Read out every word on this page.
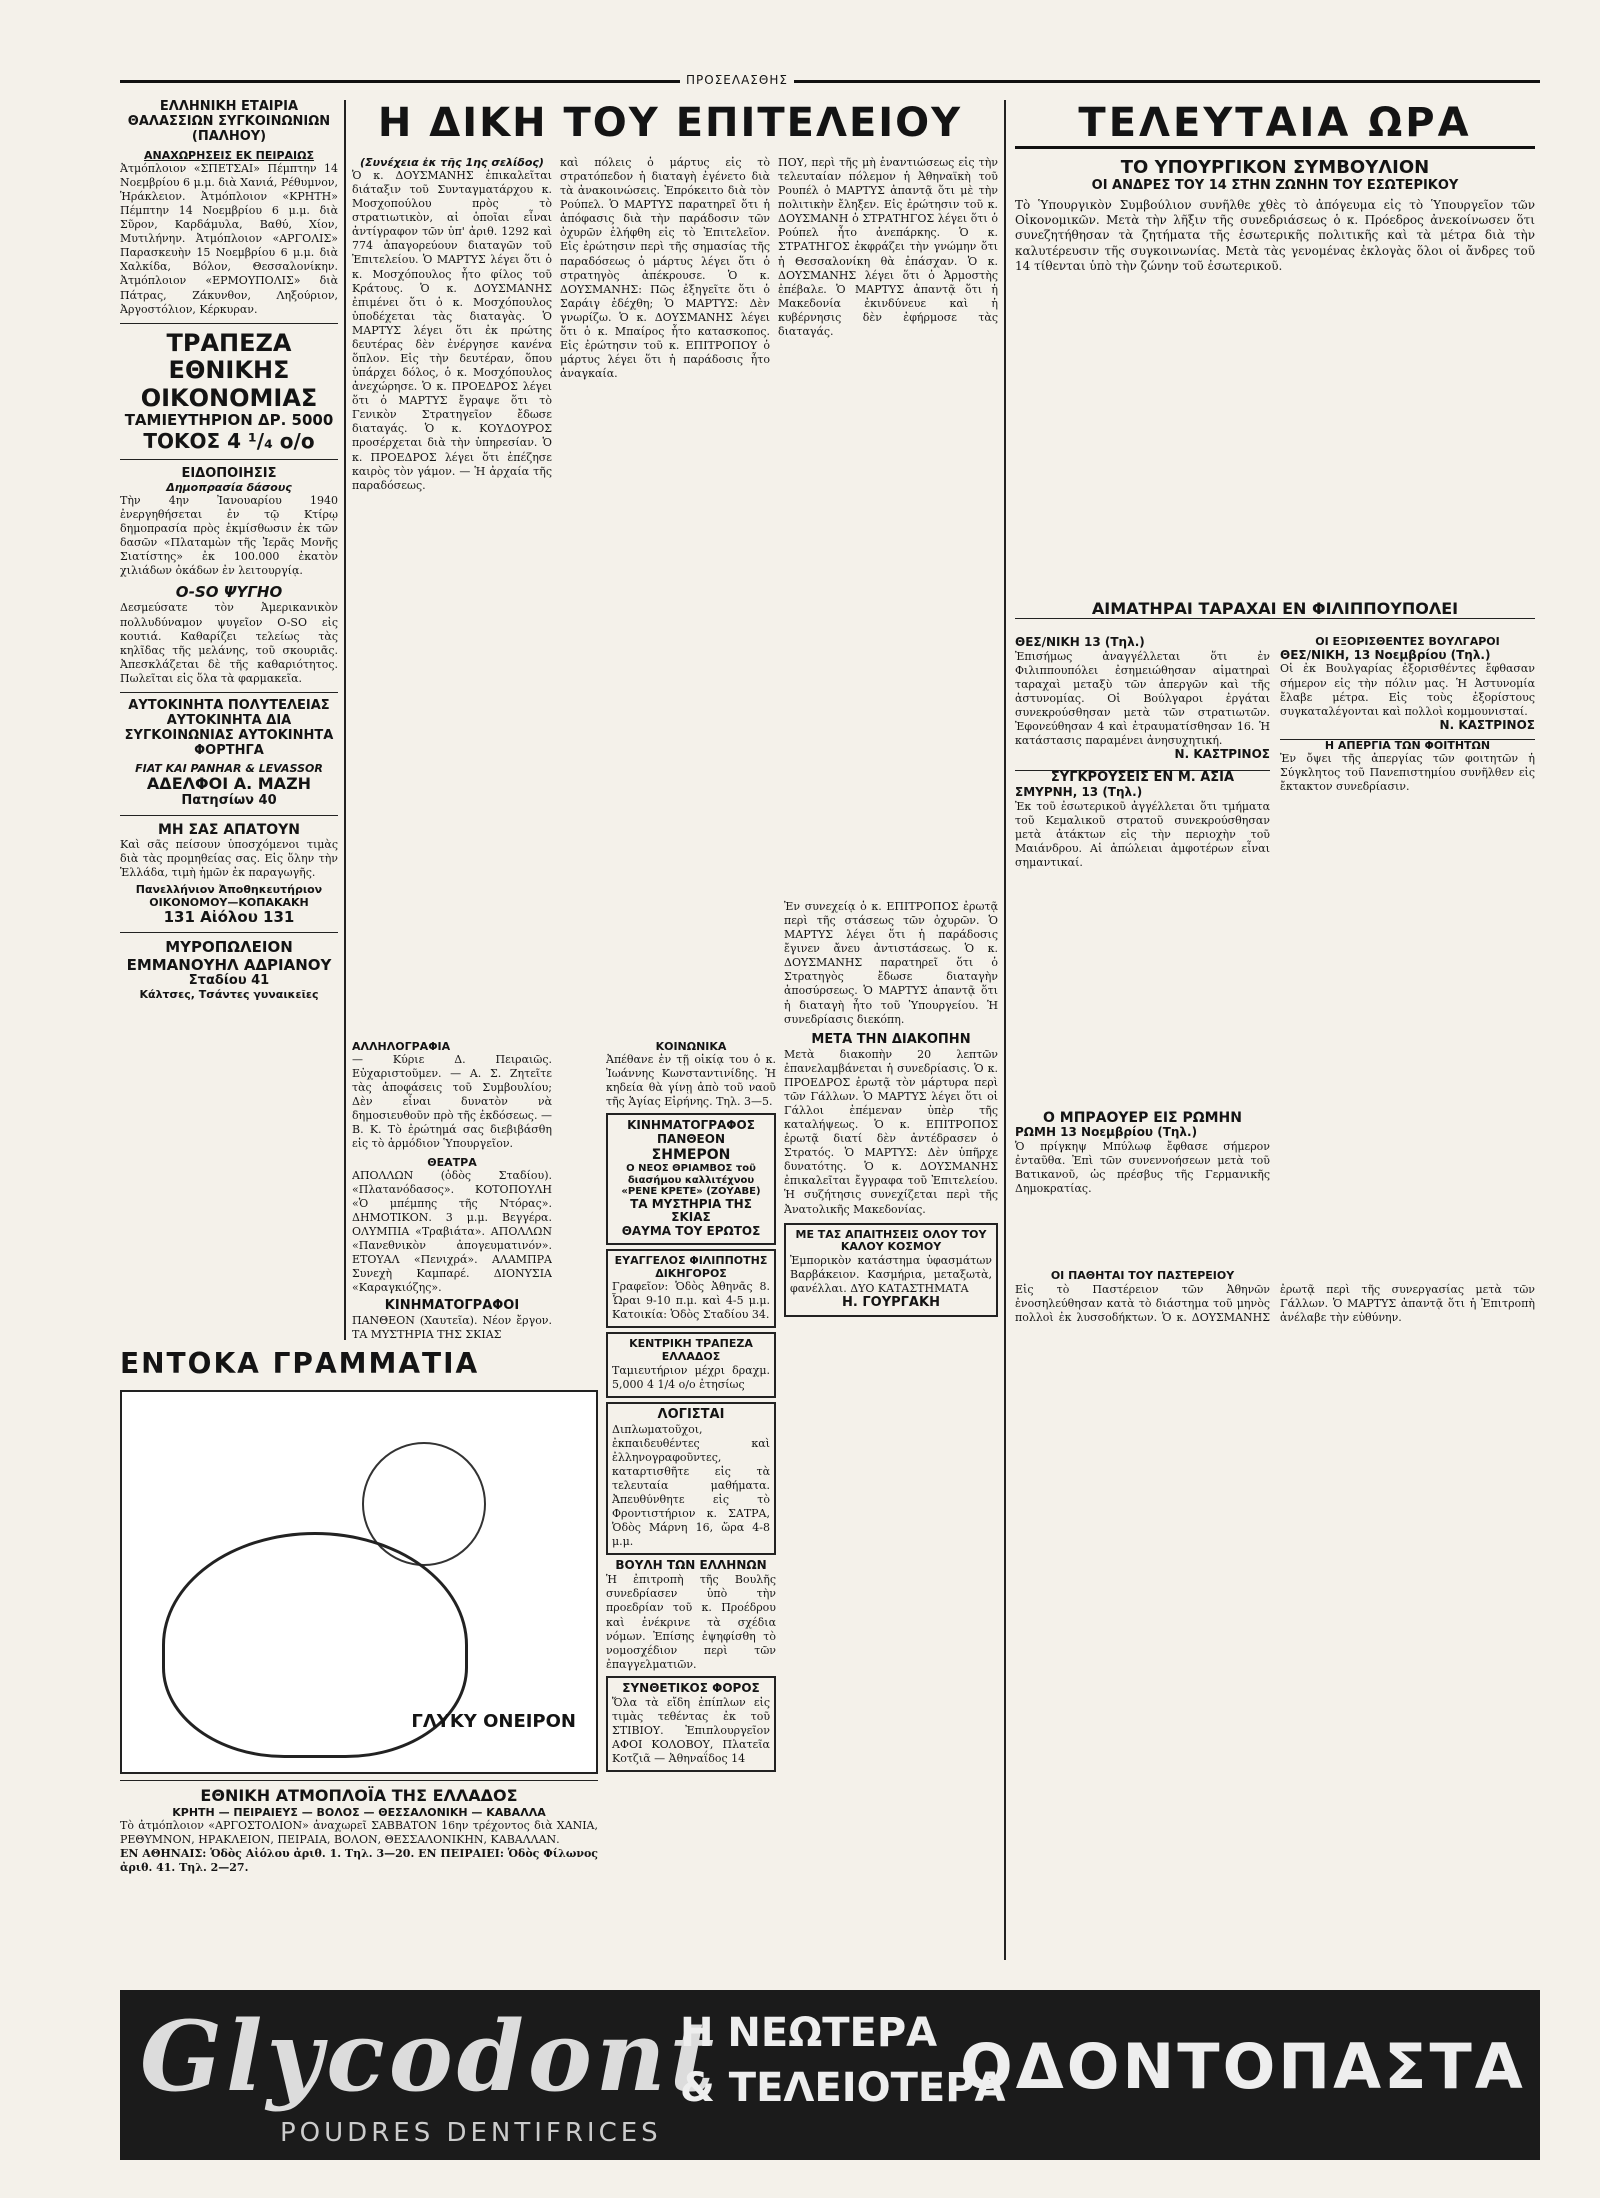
ΠΡΟΣΕΛΑΣΘΗΣ
ΕΛΛΗΝΙΚΗ ΕΤΑΙΡΙΑ ΘΑΛΑΣΣΙΩΝ ΣΥΓΚΟΙΝΩΝΙΩΝ (ΠΑΛΗΟΥ)
ΑΝΑΧΩΡΗΣΕΙΣ ΕΚ ΠΕΙΡΑΙΩΣ
Ἀτμόπλοιον «ΣΠΕΤΣΑΙ» Πέμπτην 14 Νοεμβρίου 6 μ.μ. διὰ Χανιά, Ρέθυμνον, Ἡράκλειον. Ἀτμόπλοιον «ΚΡΗΤΗ» Πέμπτην 14 Νοεμβρίου 6 μ.μ. διὰ Σῦρον, Καρδάμυλα, Βαθύ, Χίον, Μυτιλήνην. Ἀτμόπλοιον «ΑΡΓΟΛΙΣ» Παρασκευὴν 15 Νοεμβρίου 6 μ.μ. διὰ Χαλκίδα, Βόλον, Θεσσαλονίκην. Ἀτμόπλοιον «ΕΡΜΟΥΠΟΛΙΣ» διὰ Πάτρας, Ζάκυνθον, Ληξούριον, Ἀργοστόλιον, Κέρκυραν.
ΤΡΑΠΕΖΑ ΕΘΝΙΚΗΣ ΟΙΚΟΝΟΜΙΑΣ
ΤΑΜΙΕΥΤΗΡΙΟΝ ΔΡ. 5000
ΤΟΚΟΣ 4 ¹/₄ ο/ο
ΕΙΔΟΠΟΙΗΣΙΣ
Δημοπρασία δάσους
Τὴν 4ην Ἰανουαρίου 1940 ἐνεργηθήσεται ἐν τῷ Κτίρῳ δημοπρασία πρὸς ἐκμίσθωσιν ἐκ τῶν δασῶν «Πλαταμὼν τῆς Ἱερᾶς Μονῆς Σιατίστης» ἐκ 100.000 ἐκατὸν χιλιάδων ὀκάδων ἐν λειτουργίᾳ.
O-SO ΨΥΓΗΟ
Δεσμεύσατε τὸν Ἀμερικανικὸν πολλυδύναμον ψυγεῖον O-SO εἰς κουτιά. Καθαρίζει τελείως τὰς κηλῖδας τῆς μελάνης, τοῦ σκουριᾶς. Ἀπεσκλάζεται δὲ τῆς καθαριότητος. Πωλεῖται εἰς ὅλα τὰ φαρμακεῖα.
ΑΥΤΟΚΙΝΗΤΑ ΠΟΛΥΤΕΛΕΙΑΣ ΑΥΤΟΚΙΝΗΤΑ ΔΙΑ ΣΥΓΚΟΙΝΩΝΙΑΣ ΑΥΤΟΚΙΝΗΤΑ ΦΟΡΤΗΓΑ
FIAT KAI PANHAR & LEVASSOR
ΑΔΕΛΦΟΙ Α. ΜΑΖΗ
Πατησίων 40
ΜΗ ΣΑΣ ΑΠΑΤΟΥΝ
Καὶ σᾶς πείσουν ὑποσχόμενοι τιμὰς διὰ τὰς προμηθείας σας. Εἰς ὅλην τὴν Ἑλλάδα, τιμὴ ἡμῶν ἐκ παραγωγῆς.
Πανελλήνιον Ἀποθηκευτήριον ΟΙΚΟΝΟΜΟΥ—ΚΟΠΑΚΑΚΗ
131 Αἰόλου 131
ΜΥΡΟΠΩΛΕΙΟΝ ΕΜΜΑΝΟΥΗΛ ΑΔΡΙΑΝΟΥ
Σταδίου 41
Κάλτσες, Τσάντες γυναικεῖες
ΕΝΤΟΚΑ ΓΡΑΜΜΑΤΙΑ
ΓΛΥΚΥ ΟΝΕΙΡΟΝ
ΕΘΝΙΚΗ ΑΤΜΟΠΛΟΪΑ ΤΗΣ ΕΛΛΑΔΟΣ
ΚΡΗΤΗ — ΠΕΙΡΑΙΕΥΣ — ΒΟΛΟΣ — ΘΕΣΣΑΛΟΝΙΚΗ — ΚΑΒΑΛΛΑ
Τὸ ἀτμόπλοιον «ΑΡΓΟΣΤΟΛΙΟΝ» ἀναχωρεῖ ΣΑΒΒΑΤΟΝ 16ην τρέχοντος διὰ ΧΑΝΙΑ, ΡΕΘΥΜΝΟΝ, ΗΡΑΚΛΕΙΟΝ, ΠΕΙΡΑΙΑ, ΒΟΛΟΝ, ΘΕΣΣΑΛΟΝΙΚΗΝ, ΚΑΒΑΛΛΑΝ.
ΕΝ ΑΘΗΝΑΙΣ: Ὁδὸς Αἰόλου ἀριθ. 1. Τηλ. 3—20. ΕΝ ΠΕΙΡΑΙΕΙ: Ὁδὸς Φίλωνος ἀριθ. 41. Τηλ. 2—27.
Η ΔΙΚΗ ΤΟΥ ΕΠΙΤΕΛΕΙΟΥ
(Συνέχεια ἐκ τῆς 1ης σελίδος)
Ὁ κ. ΔΟΥΣΜΑΝΗΣ ἐπικαλεῖται διάταξιν τοῦ Συνταγματάρχου κ. Μοσχοπούλου πρὸς τὸ στρατιωτικὸν, αἱ ὁποῖαι εἶναι ἀντίγραφον τῶν ὑπ' ἀριθ. 1292 καὶ 774 ἀπαγορεύουν διαταγῶν τοῦ Ἐπιτελείου. Ὁ ΜΑΡΤΥΣ λέγει ὅτι ὁ κ. Μοσχόπουλος ἦτο φίλος τοῦ Κράτους. Ὁ κ. ΔΟΥΣΜΑΝΗΣ ἐπιμένει ὅτι ὁ κ. Μοσχόπουλος ὑποδέχεται τὰς διαταγὰς. Ὁ ΜΑΡΤΥΣ λέγει ὅτι ἐκ πρώτης δευτέρας δὲν ἐνέργησε κανένα ὅπλον. Εἰς τὴν δευτέραν, ὅπου ὑπάρχει δόλος, ὁ κ. Μοσχόπουλος ἀνεχώρησε. Ὁ κ. ΠΡΟΕΔΡΟΣ λέγει ὅτι ὁ ΜΑΡΤΥΣ ἔγραψε ὅτι τὸ Γενικὸν Στρατηγεῖον ἔδωσε διαταγάς. Ὁ κ. ΚΟΥΔΟΥΡΟΣ προσέρχεται διὰ τὴν ὑπηρεσίαν. Ὁ κ. ΠΡΟΕΔΡΟΣ λέγει ὅτι ἐπέζησε καιρὸς τὸν γάμον. — Ἡ ἀρχαία τῆς παραδόσεως.
καὶ πόλεις ὁ μάρτυς εἰς τὸ στρατόπεδον ἡ διαταγὴ ἐγένετο διὰ τὰ ἀνακοινώσεις. Ἐπρόκειτο διὰ τὸν Ρούπελ. Ὁ ΜΑΡΤΥΣ παρατηρεῖ ὅτι ἡ ἀπόφασις διὰ τὴν παράδοσιν τῶν ὀχυρῶν ἐλήφθη εἰς τὸ Ἐπιτελεῖον. Εἰς ἐρώτησιν περὶ τῆς σημασίας τῆς παραδόσεως ὁ μάρτυς λέγει ὅτι ὁ στρατηγὸς ἀπέκρουσε. Ὁ κ. ΔΟΥΣΜΑΝΗΣ: Πῶς ἐξηγεῖτε ὅτι ὁ Σαράιγ ἐδέχθη; Ὁ ΜΑΡΤΥΣ: Δὲν γνωρίζω. Ὁ κ. ΔΟΥΣΜΑΝΗΣ λέγει ὅτι ὁ κ. Μπαίρος ἦτο κατασκοπος. Εἰς ἐρώτησιν τοῦ κ. ΕΠΙΤΡΟΠΟΥ ὁ μάρτυς λέγει ὅτι ἡ παράδοσις ἦτο ἀναγκαία.
ΠΟΥ, περὶ τῆς μὴ ἐναντιώσεως εἰς τὴν τελευταίαν πόλεμον ἡ Ἀθηναϊκὴ τοῦ Ρουπέλ ὁ ΜΑΡΤΥΣ ἀπαντᾷ ὅτι μὲ τὴν πολιτικὴν ἔληξεν. Εἰς ἐρώτησιν τοῦ κ. ΔΟΥΣΜΑΝΗ ὁ ΣΤΡΑΤΗΓΟΣ λέγει ὅτι ὁ Ρούπελ ἦτο ἀνεπάρκης. Ὁ κ. ΣΤΡΑΤΗΓΟΣ ἐκφράζει τὴν γνώμην ὅτι ἡ Θεσσαλονίκη θὰ ἐπάσχαν. Ὁ κ. ΔΟΥΣΜΑΝΗΣ λέγει ὅτι ὁ Ἀρμοστὴς ἐπέβαλε. Ὁ ΜΑΡΤΥΣ ἀπαντᾷ ὅτι ἡ Μακεδονία ἐκινδύνευε καὶ ἡ κυβέρνησις δὲν ἐφήρμοσε τὰς διαταγάς.
ΑΛΛΗΛΟΓΡΑΦΙΑ
— Κύριε Δ. Πειραιῶς. Εὐχαριστοῦμεν. — Α. Σ. Ζητεῖτε τὰς ἀποφάσεις τοῦ Συμβουλίου; Δὲν εἶναι δυνατὸν νὰ δημοσιευθοῦν πρὸ τῆς ἐκδόσεως. — Β. Κ. Τὸ ἐρώτημά σας διεβιβάσθη εἰς τὸ ἁρμόδιον Ὑπουργεῖον.
ΘΕΑΤΡΑ
ΑΠΟΛΛΩΝ (ὁδὸς Σταδίου). «Πλατανόδασος». ΚΟΤΟΠΟΥΛΗ «Ὁ μπέμπης τῆς Ντόρας». ΔΗΜΟΤΙΚΟΝ. 3 μ.μ. Βεγγέρα. ΟΛΥΜΠΙΑ «Τραβιάτα». ΑΠΟΛΛΩΝ «Πανεθνικὸν ἀπογευματινόν». ΕΤΟΥΑΛ «Πενιχρά». ΑΛΑΜΠΡΑ Συνεχὴ Καμπαρέ. ΔΙΟΝΥΣΙΑ «Καραγκιόζης».
ΚΙΝΗΜΑΤΟΓΡΑΦΟΙ
ΠΑΝΘΕΟΝ (Χαυτεῖα). Νέον ἔργον. ΤΑ ΜΥΣΤΗΡΙΑ ΤΗΣ ΣΚΙΑΣ
ΚΟΙΝΩΝΙΚΑ
Ἀπέθανε ἐν τῇ οἰκίᾳ του ὁ κ. Ἰωάννης Κωνσταντινίδης. Ἡ κηδεία θὰ γίνῃ ἀπὸ τοῦ ναοῦ τῆς Ἁγίας Εἰρήνης. Τηλ. 3—5.
ΚΙΝΗΜΑΤΟΓΡΑΦΟΣ ΠΑΝΘΕΟΝ
ΣΗΜΕΡΟΝ
Ο ΝΕΟΣ ΘΡΙΑΜΒΟΣ τοῦ διασήμου καλλιτέχνου «ΡΕΝΕ ΚΡΕΤΕ» (ΖΟΥΑΒΕ)
ΤΑ ΜΥΣΤΗΡΙΑ ΤΗΣ ΣΚΙΑΣ
ΘΑΥΜΑ ΤΟΥ ΕΡΩΤΟΣ
ΕΥΑΓΓΕΛΟΣ ΦΙΛΙΠΠΟΤΗΣ ΔΙΚΗΓΟΡΟΣ
Γραφεῖον: Ὁδὸς Ἀθηνᾶς 8. Ὧραι 9-10 π.μ. καὶ 4-5 μ.μ. Κατοικία: Ὁδὸς Σταδίου 34.
ΚΕΝΤΡΙΚΗ ΤΡΑΠΕΖΑ ΕΛΛΑΔΟΣ
Ταμιευτήριον μέχρι δραχμ. 5,000 4 1/4 ο/ο ἐτησίως
ΛΟΓΙΣΤΑΙ
Διπλωματοῦχοι, ἐκπαιδευθέντες καὶ ἐλληνογραφοῦντες, καταρτισθῆτε εἰς τὰ τελευταία μαθήματα. Ἀπευθύνθητε εἰς τὸ Φροντιστήριον κ. ΣΑΤΡΑ, Ὁδὸς Μάρνη 16, ὥρα 4-8 μ.μ.
ΒΟΥΛΗ ΤΩΝ ΕΛΛΗΝΩΝ
Ἡ ἐπιτροπὴ τῆς Βουλῆς συνεδρίασεν ὑπὸ τὴν προεδρίαν τοῦ κ. Προέδρου καὶ ἐνέκρινε τὰ σχέδια νόμων. Ἐπίσης ἐψηφίσθη τὸ νομοσχέδιον περὶ τῶν ἐπαγγελματιῶν.
ΣΥΝΘΕΤΙΚΟΣ ΦΟΡΟΣ
Ὅλα τὰ εἴδη ἐπίπλων εἰς τιμὰς τεθέντας ἐκ τοῦ ΣΤΙΒΙΟΥ. Ἐπιπλουργεῖον ΑΦΟΙ ΚΟΛΟΒΟΥ, Πλατεῖα Κοτζιᾶ — Ἀθηναΐδος 14
Ἐν συνεχείᾳ ὁ κ. ΕΠΙΤΡΟΠΟΣ ἐρωτᾷ περὶ τῆς στάσεως τῶν ὀχυρῶν. Ὁ ΜΑΡΤΥΣ λέγει ὅτι ἡ παράδοσις ἔγινεν ἄνευ ἀντιστάσεως. Ὁ κ. ΔΟΥΣΜΑΝΗΣ παρατηρεῖ ὅτι ὁ Στρατηγὸς ἔδωσε διαταγὴν ἀποσύρσεως. Ὁ ΜΑΡΤΥΣ ἀπαντᾷ ὅτι ἡ διαταγὴ ἦτο τοῦ Ὑπουργείου. Ἡ συνεδρίασις διεκόπη.
ΜΕΤΑ ΤΗΝ ΔΙΑΚΟΠΗΝ
Μετὰ διακοπὴν 20 λεπτῶν ἐπανελαμβάνεται ἡ συνεδρίασις. Ὁ κ. ΠΡΟΕΔΡΟΣ ἐρωτᾷ τὸν μάρτυρα περὶ τῶν Γάλλων. Ὁ ΜΑΡΤΥΣ λέγει ὅτι οἱ Γάλλοι ἐπέμεναν ὑπὲρ τῆς καταλήψεως. Ὁ κ. ΕΠΙΤΡΟΠΟΣ ἐρωτᾷ διατί δὲν ἀντέδρασεν ὁ Στρατός. Ὁ ΜΑΡΤΥΣ: Δὲν ὑπῆρχε δυνατότης. Ὁ κ. ΔΟΥΣΜΑΝΗΣ ἐπικαλεῖται ἔγγραφα τοῦ Ἐπιτελείου. Ἡ συζήτησις συνεχίζεται περὶ τῆς Ἀνατολικῆς Μακεδονίας.
ΜΕ ΤΑΣ ΑΠΑΙΤΗΣΕΙΣ ΟΛΟΥ ΤΟΥ ΚΑΛΟΥ ΚΟΣΜΟΥ
Ἐμπορικὸν κατάστημα ὑφασμάτων Βαρβάκειον. Κασμήρια, μεταξωτὰ, φανέλλαι. ΔΥΟ ΚΑΤΑΣΤΗΜΑΤΑ
Η. ΓΟΥΡΓΑΚΗ
ΤΕΛΕΥΤΑΙΑ ΩΡΑ
ΤΟ ΥΠΟΥΡΓΙΚΟΝ ΣΥΜΒΟΥΛΙΟΝ
ΟΙ ΑΝΔΡΕΣ ΤΟΥ 14 ΣΤΗΝ ΖΩΝΗΝ ΤΟΥ ΕΣΩΤΕΡΙΚΟΥ
Τὸ Ὑπουργικὸν Συμβούλιον συνῆλθε χθὲς τὸ ἀπόγευμα εἰς τὸ Ὑπουργεῖον τῶν Οἰκονομικῶν. Μετὰ τὴν λῆξιν τῆς συνεδριάσεως ὁ κ. Πρόεδρος ἀνεκοίνωσεν ὅτι συνεζητήθησαν τὰ ζητήματα τῆς ἐσωτερικῆς πολιτικῆς καὶ τὰ μέτρα διὰ τὴν καλυτέρευσιν τῆς συγκοινωνίας. Μετὰ τὰς γενομένας ἐκλογὰς ὅλοι οἱ ἄνδρες τοῦ 14 τίθενται ὑπὸ τὴν ζώνην τοῦ ἐσωτερικοῦ.
ΑΙΜΑΤΗΡΑΙ ΤΑΡΑΧΑΙ ΕΝ ΦΙΛΙΠΠΟΥΠΟΛΕΙ
ΘΕΣ/ΝΙΚΗ 13 (Τηλ.)
Ἐπισήμως ἀναγγέλλεται ὅτι ἐν Φιλιππουπόλει ἐσημειώθησαν αἱματηραὶ ταραχαὶ μεταξὺ τῶν ἀπεργῶν καὶ τῆς ἀστυνομίας. Οἱ Βούλγαροι ἐργάται συνεκρούσθησαν μετὰ τῶν στρατιωτῶν. Ἐφονεύθησαν 4 καὶ ἐτραυματίσθησαν 16. Ἡ κατάστασις παραμένει ἀνησυχητική.
Ν. ΚΑΣΤΡΙΝΟΣ
ΣΥΓΚΡΟΥΣΕΙΣ ΕΝ Μ. ΑΣΙΑ
ΣΜΥΡΝΗ, 13 (Τηλ.)
Ἐκ τοῦ ἐσωτερικοῦ ἀγγέλλεται ὅτι τμήματα τοῦ Κεμαλικοῦ στρατοῦ συνεκρούσθησαν μετὰ ἀτάκτων εἰς τὴν περιοχὴν τοῦ Μαιάνδρου. Αἱ ἀπώλειαι ἀμφοτέρων εἶναι σημαντικαί.
ΟΙ ΕΞΟΡΙΣΘΕΝΤΕΣ ΒΟΥΛΓΑΡΟΙ
ΘΕΣ/ΝΙΚΗ, 13 Νοεμβρίου (Τηλ.)
Οἱ ἐκ Βουλγαρίας ἐξορισθέντες ἔφθασαν σήμερον εἰς τὴν πόλιν μας. Ἡ Ἀστυνομία ἔλαβε μέτρα. Εἰς τοὺς ἐξορίστους συγκαταλέγονται καὶ πολλοὶ κομμουνισταί.
Ν. ΚΑΣΤΡΙΝΟΣ
Η ΑΠΕΡΓΙΑ ΤΩΝ ΦΟΙΤΗΤΩΝ
Ἐν ὄψει τῆς ἀπεργίας τῶν φοιτητῶν ἡ Σύγκλητος τοῦ Πανεπιστημίου συνῆλθεν εἰς ἔκτακτον συνεδρίασιν.
Ο ΜΠΡΑΟΥΕΡ ΕΙΣ ΡΩΜΗΝ
ΡΩΜΗ 13 Νοεμβρίου (Τηλ.)
Ὁ πρίγκηψ Μπύλωφ ἔφθασε σήμερον ἐνταῦθα. Ἐπὶ τῶν συνεννοήσεων μετὰ τοῦ Βατικανοῦ, ὡς πρέσβυς τῆς Γερμανικῆς Δημοκρατίας.
ΟΙ ΠΑΘΗΤΑΙ ΤΟΥ ΠΑΣΤΕΡΕΙΟΥ
Εἰς τὸ Παστέρειον τῶν Ἀθηνῶν ἐνοσηλεύθησαν κατὰ τὸ διάστημα τοῦ μηνὸς πολλοὶ ἐκ λυσσοδήκτων. Ὁ κ. ΔΟΥΣΜΑΝΗΣ ἐρωτᾷ περὶ τῆς συνεργασίας μετὰ τῶν Γάλλων. Ὁ ΜΑΡΤΥΣ ἀπαντᾷ ὅτι ἡ Ἐπιτροπὴ ἀνέλαβε τὴν εὐθύνην.
Glycodont
POUDRES DENTIFRICES
Η ΝΕΩΤΕΡΑ
& ΤΕΛΕΙΟΤΕΡΑ
ΟΔΟΝΤΟΠΑΣΤΑ
